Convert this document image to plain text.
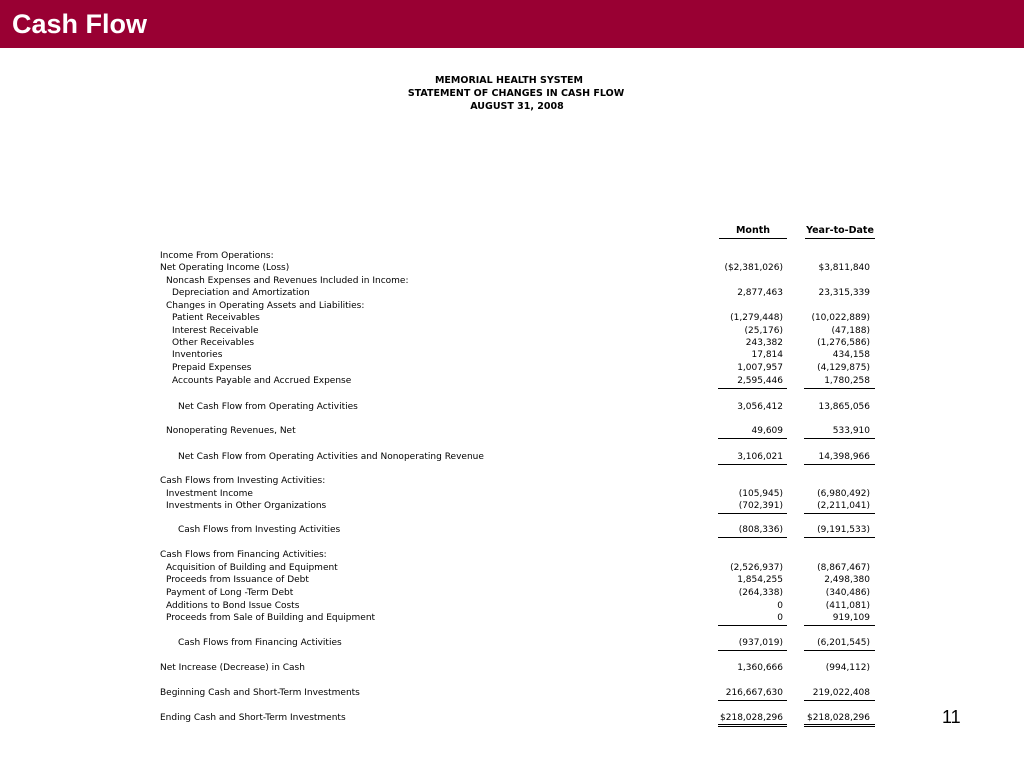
Cash Flow
MEMORIAL HEALTH SYSTEM
STATEMENT OF CHANGES IN CASH FLOW
AUGUST 31, 2008
Month	Year-to-Date
Income From Operations:
Net Operating Income (Loss)	($2,381,026)	$3,811,840
Noncash Expenses and Revenues Included in Income:
Depreciation and Amortization	2,877,463	23,315,339
Changes in Operating Assets and Liabilities:
Patient Receivables	(1,279,448)	(10,022,889)
Interest Receivable	(25,176)	(47,188)
Other Receivables	243,382	(1,276,586)
Inventories	17,814	434,158
Prepaid Expenses	1,007,957	(4,129,875)
Accounts Payable and Accrued Expense	2,595,446	1,780,258
Net Cash Flow from Operating Activities	3,056,412	13,865,056
Nonoperating Revenues, Net	49,609	533,910
Net Cash Flow from Operating Activities and Nonoperating Revenue	3,106,021	14,398,966
Cash Flows from Investing Activities:
Investment Income	(105,945)	(6,980,492)
Investments in Other Organizations	(702,391)	(2,211,041)
Cash Flows from Investing Activities	(808,336)	(9,191,533)
Cash Flows from Financing Activities:
Acquisition of Building and Equipment	(2,526,937)	(8,867,467)
Proceeds from Issuance of Debt	1,854,255	2,498,380
Payment of Long -Term Debt	(264,338)	(340,486)
Additions to Bond Issue Costs	0	(411,081)
Proceeds from Sale of Building and Equipment	0	919,109
Cash Flows from Financing Activities	(937,019)	(6,201,545)
Net Increase (Decrease) in Cash	1,360,666	(994,112)
Beginning Cash and Short-Term Investments	216,667,630	219,022,408
Ending Cash and Short-Term Investments	$218,028,296	$218,028,296	11
